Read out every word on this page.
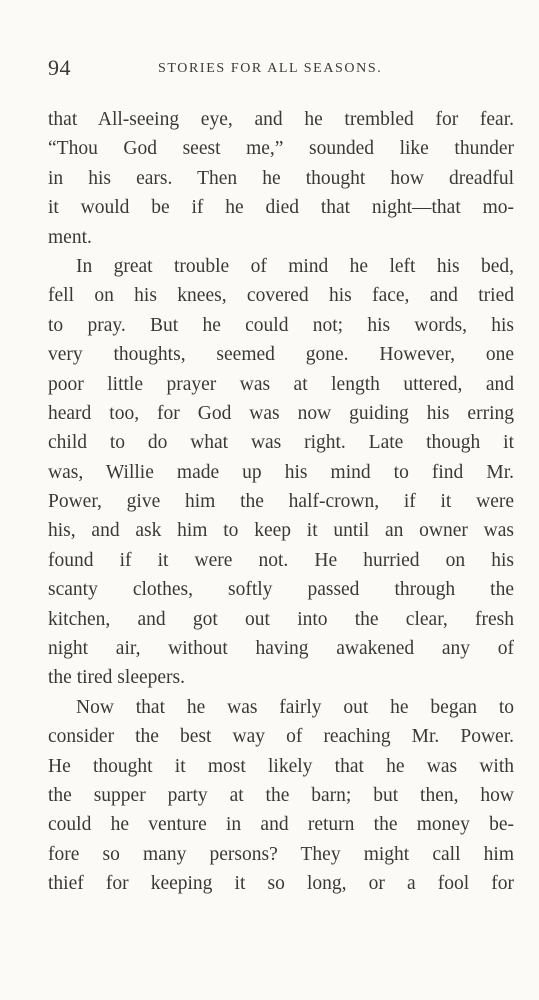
94	STORIES FOR ALL SEASONS.
that All-seeing eye, and he trembled for fear.
“Thou God seest me,” sounded like thunder
in his ears. Then he thought how dreadful
it would be if he died that night—that mo-
ment.
In great trouble of mind he left his bed,
fell on his knees, covered his face, and tried
to pray. But he could not; his words, his
very thoughts, seemed gone. However, one
poor little prayer was at length uttered, and
heard too, for God was now guiding his erring
child to do what was right. Late though it
was, Willie made up his mind to find Mr.
Power, give him the half-crown, if it were
his, and ask him to keep it until an owner was
found if it were not. He hurried on his
scanty clothes, softly passed through the
kitchen, and got out into the clear, fresh
night air, without having awakened any of
the tired sleepers.
Now that he was fairly out he began to
consider the best way of reaching Mr. Power.
He thought it most likely that he was with
the supper party at the barn; but then, how
could he venture in and return the money be-
fore so many persons? They might call him
thief for keeping it so long, or a fool for
